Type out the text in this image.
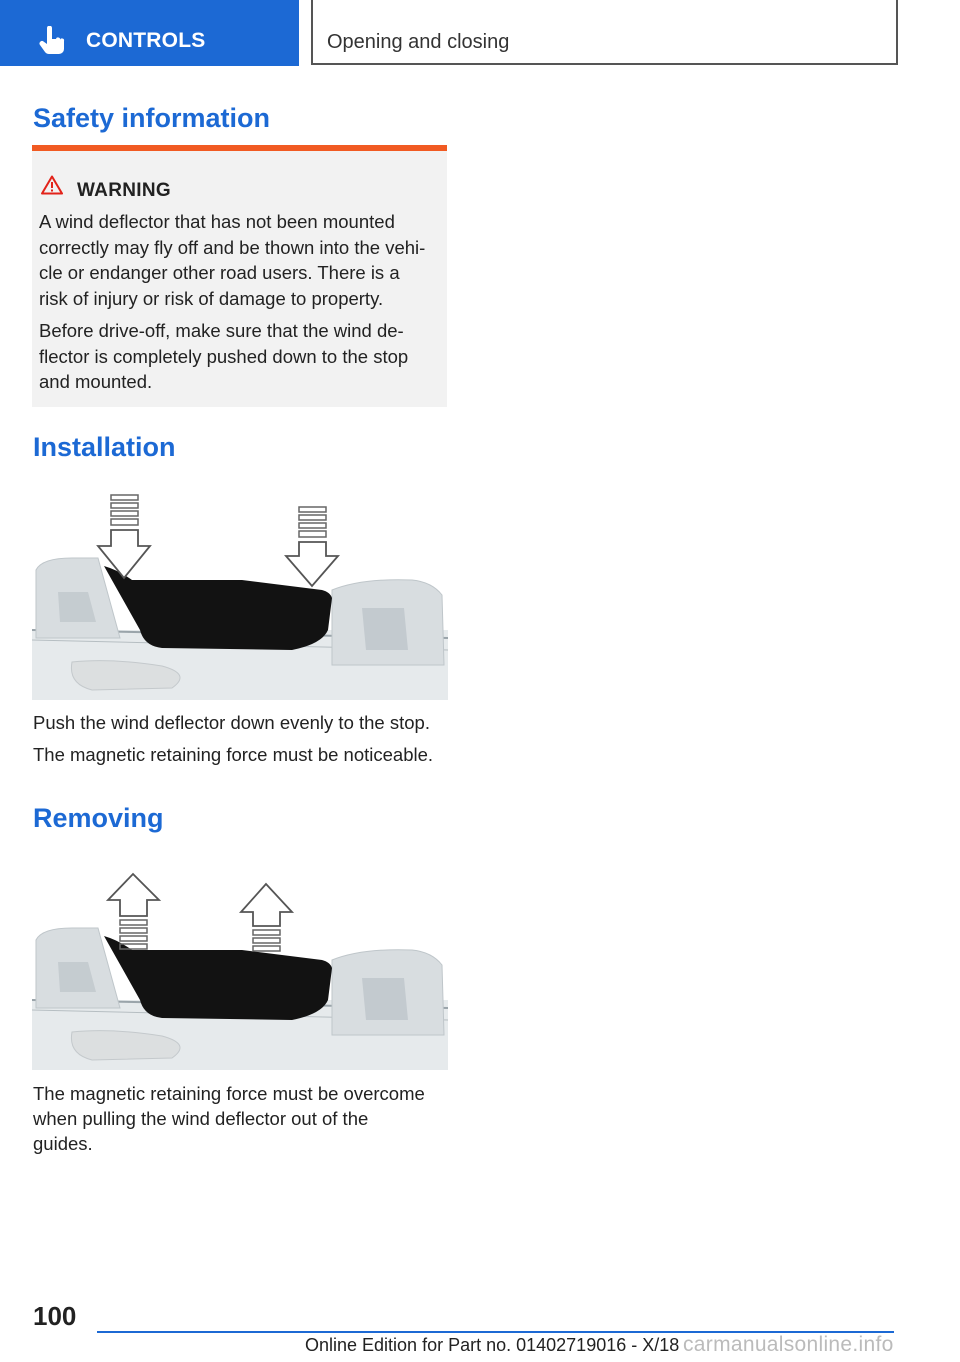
CONTROLS	Opening and closing
Safety information
WARNING
A wind deflector that has not been mounted
correctly may fly off and be thown into the vehi-
cle or endanger other road users. There is a
risk of injury or risk of damage to property.
Before drive-off, make sure that the wind de-
flector is completely pushed down to the stop
and mounted.
Installation
Push the wind deflector down evenly to the stop.
The magnetic retaining force must be noticeable.
Removing
The magnetic retaining force must be overcome
when pulling the wind deflector out of the
guides.
100
Online Edition for Part no. 01402719016 - X/18 carmanualsonline.info
